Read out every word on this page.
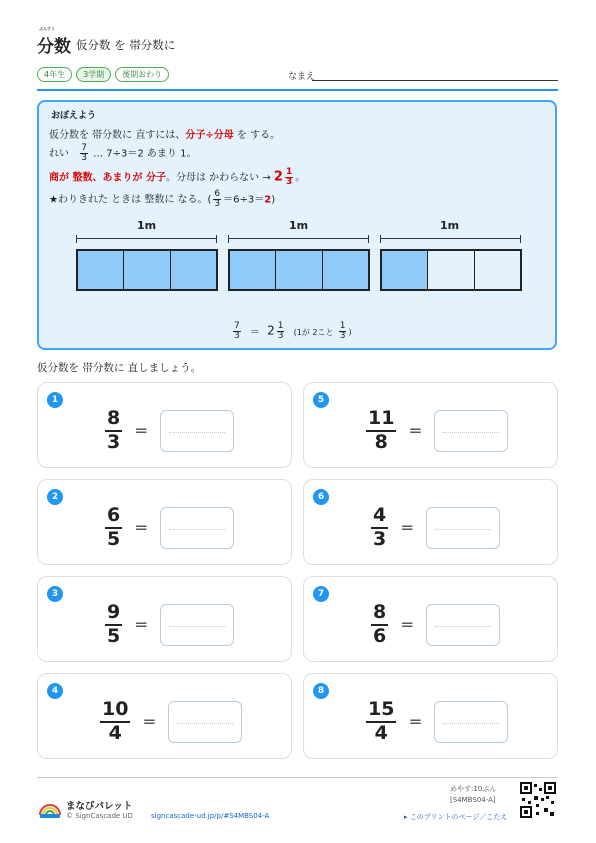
ぶんすう
分数 仮分数 を 帯分数に
4年生	3学期	後期おわり	なまえ
おぼえよう
仮分数を 帯分数に 直すには、分子÷分母 を する。
れい $\frac{7}{3}$ … 7÷3＝2 あまり 1。
商が 整数、あまりが 分子。分母は かわらない → $2 \frac{1}{3}$ 。
★わりきれた ときは 整数に なる。( $\frac{6}{3} =6\div 3=2$)
1m	1m	1m
$\frac{7}{3} = 2 \frac{1}{3} (1$が 2こと $\frac{1}{3}$ )
仮分数を 帯分数に 直しましょう。
1
$\frac{8}{3}$ ＝
2
$\frac{6}{5}$ ＝
3
$\frac{9}{5}$ ＝
4
$\frac{10}{4}$ ＝
5
$\frac{11}{8}$ ＝
6
$\frac{4}{3}$ ＝
7
$\frac{8}{6}$ ＝
8
$\frac{15}{4}$ ＝
まなびパレット
© SignCascade UD	signcascade-ud.jp/p/#S4MBS04-A
めやす:10ぷん
[S4MBS04-A]
▸ このプリントのページ／こたえ
